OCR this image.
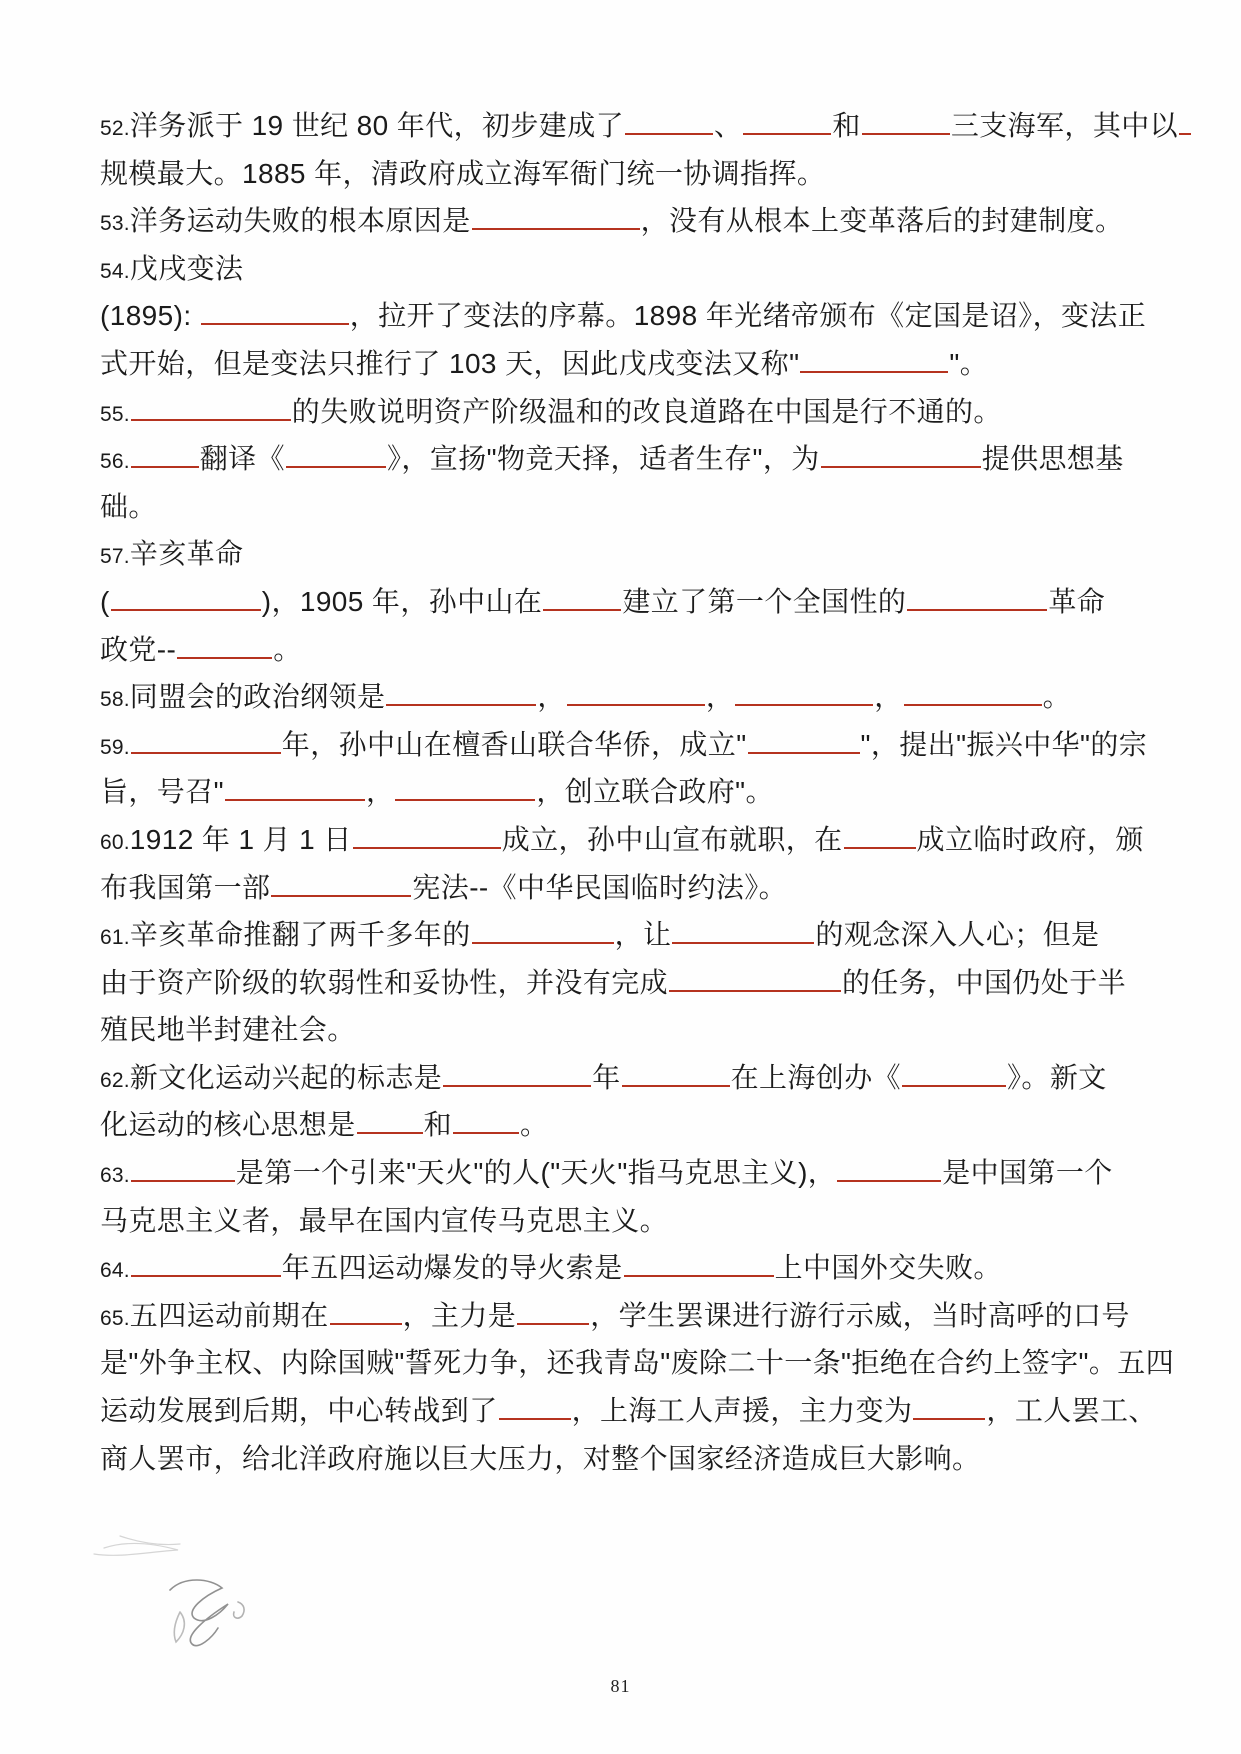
52.洋务派于 19 世纪 80 年代，初步建成了	、	和	三支海军，其中以
规模最大。1885 年，清政府成立海军衙门统一协调指挥。
53.洋务运动失败的根本原因是	，没有从根本上变革落后的封建制度。
54.戊戌变法
(1895):	，拉开了变法的序幕。1898 年光绪帝颁布《定国是诏》，变法正
式开始，但是变法只推行了 103 天，因此戊戌变法又称"	"。
55.	的失败说明资产阶级温和的改良道路在中国是行不通的。
56.	翻译《	》，宣扬"物竞天择，适者生存"，为	提供思想基
础。
57.辛亥革命
(	)，1905 年，孙中山在	建立了第一个全国性的	革命
政党--	。
58.同盟会的政治纲领是	，	，	，	。
59.	年，孙中山在檀香山联合华侨，成立"	"，提出"振兴中华"的宗
旨，号召"	，	，创立联合政府"。
60.1912 年 1 月 1 日	成立，孙中山宣布就职，在	成立临时政府，颁
布我国第一部	宪法--《中华民国临时约法》。
61.辛亥革命推翻了两千多年的	，让	的观念深入人心；但是
由于资产阶级的软弱性和妥协性，并没有完成	的任务，中国仍处于半
殖民地半封建社会。
62.新文化运动兴起的标志是	年	在上海创办《	》。新文
化运动的核心思想是 和 。
63.	是第一个引来"天火"的人("天火"指马克思主义)，	是中国第一个
马克思主义者，最早在国内宣传马克思主义。
64.	年五四运动爆发的导火索是	上中国外交失败。
65.五四运动前期在	，主力是	，学生罢课进行游行示威，当时高呼的口号
是"外争主权、内除国贼"誓死力争，还我青岛"废除二十一条"拒绝在合约上签字"。五四
运动发展到后期，中心转战到了	，上海工人声援，主力变为	，工人罢工、
商人罢市，给北洋政府施以巨大压力，对整个国家经济造成巨大影响。
81
